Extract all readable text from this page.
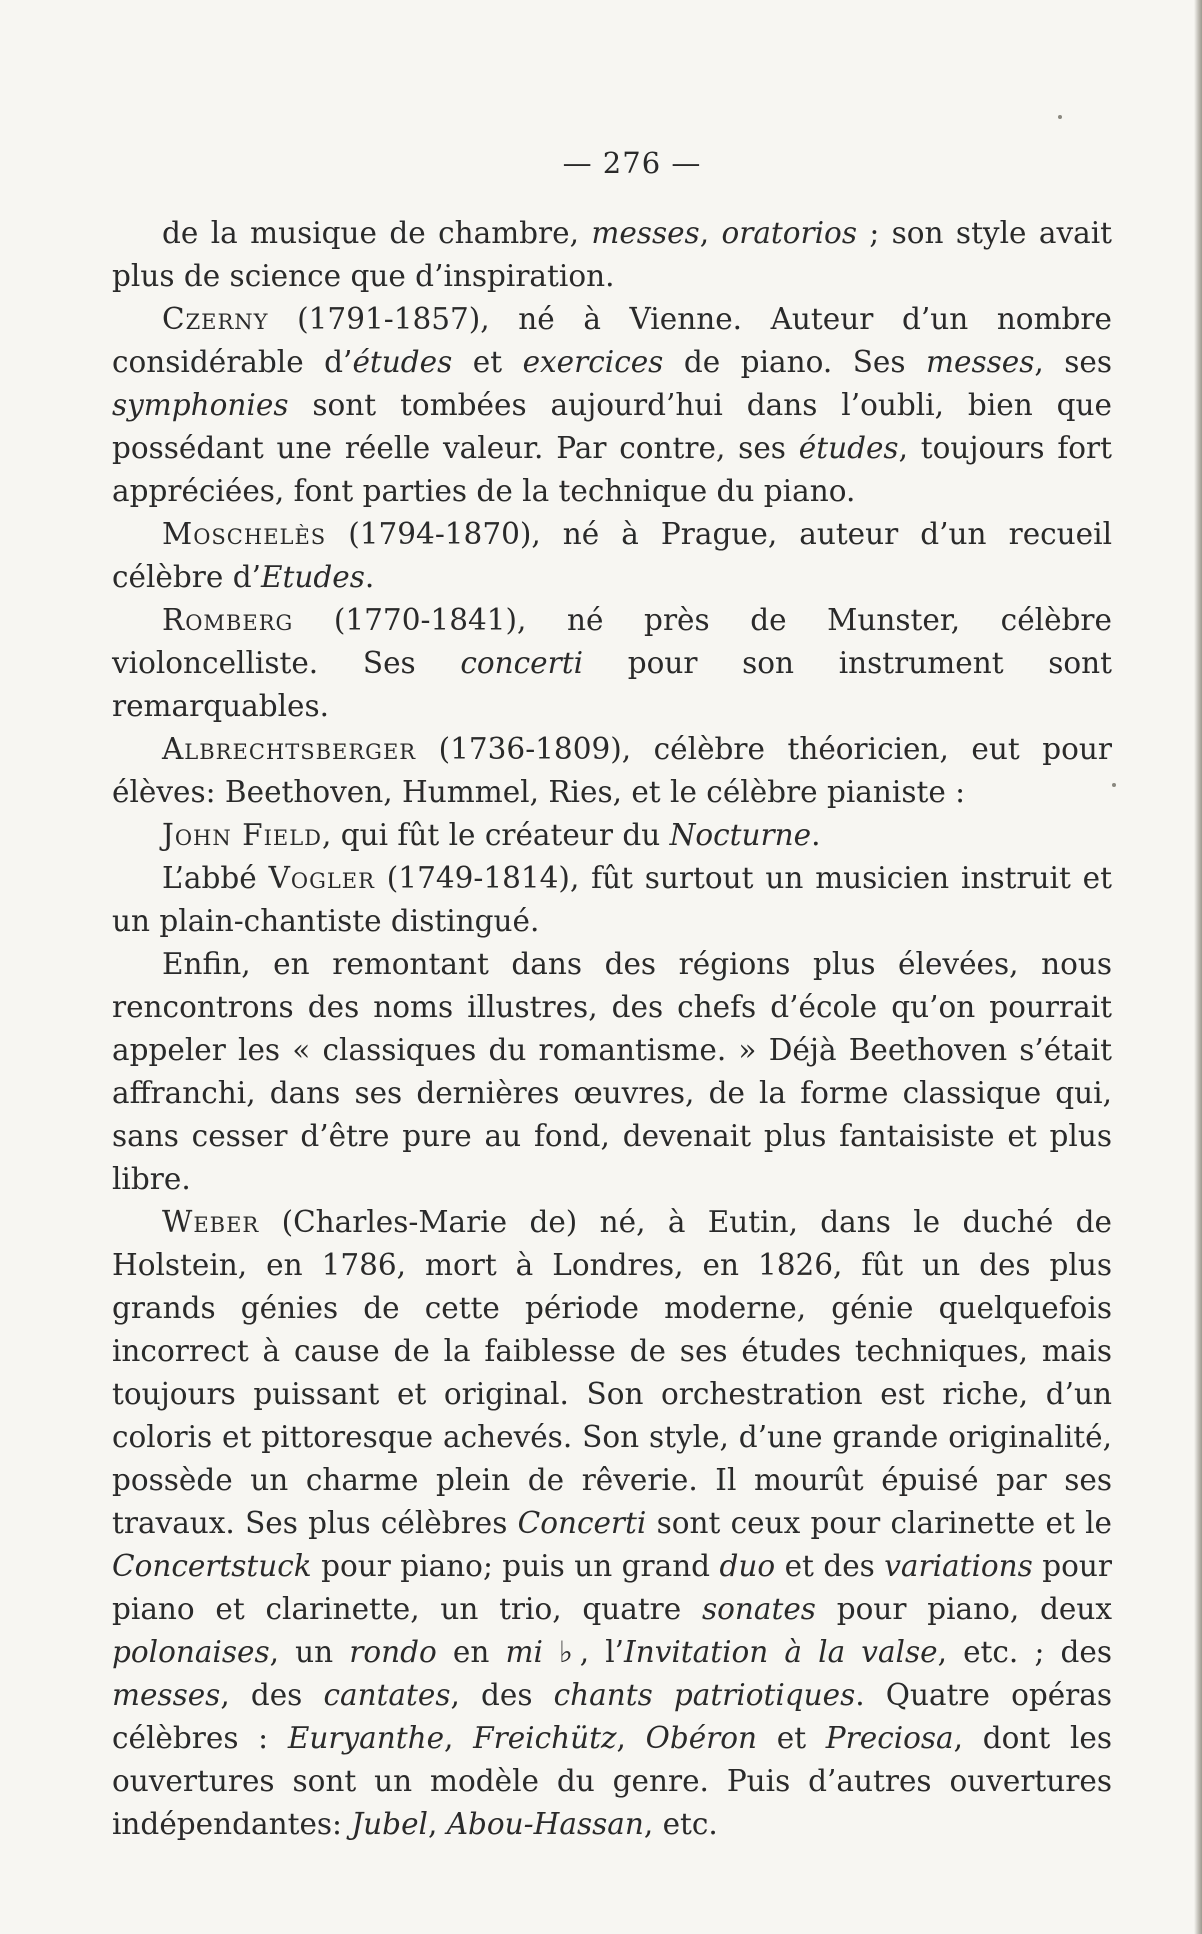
— 276 —

de la musique de chambre, messes, oratorios ; son style avait plus de science que d’inspiration.

Czerny (1791-1857), né à Vienne. Auteur d’un nombre considérable d’études et exercices de piano. Ses messes, ses symphonies sont tombées aujourd’hui dans l’oubli, bien que possédant une réelle valeur. Par contre, ses études, toujours fort appréciées, font parties de la technique du piano.

Moschelès (1794-1870), né à Prague, auteur d’un recueil célèbre d’Etudes.

Romberg (1770-1841), né près de Munster, célèbre violoncelliste. Ses concerti pour son instrument sont remarquables.

Albrechtsberger (1736-1809), célèbre théoricien, eut pour élèves: Beethoven, Hummel, Ries, et le célèbre pianiste :

John Field, qui fût le créateur du Nocturne.

L’abbé Vogler (1749-1814), fût surtout un musicien instruit et un plain-chantiste distingué.

Enfin, en remontant dans des régions plus élevées, nous rencontrons des noms illustres, des chefs d’école qu’on pourrait appeler les « classiques du romantisme. » Déjà Beethoven s’était affranchi, dans ses dernières œuvres, de la forme classique qui, sans cesser d’être pure au fond, devenait plus fantaisiste et plus libre.

Weber (Charles-Marie de) né, à Eutin, dans le duché de Holstein, en 1786, mort à Londres, en 1826, fût un des plus grands génies de cette période moderne, génie quelquefois incorrect à cause de la faiblesse de ses études techniques, mais toujours puissant et original. Son orchestration est riche, d’un coloris et pittoresque achevés. Son style, d’une grande originalité, possède un charme plein de rêverie. Il mourût épuisé par ses travaux. Ses plus célèbres Concerti sont ceux pour clarinette et le Concertstuck pour piano; puis un grand duo et des variations pour piano et clarinette, un trio, quatre sonates pour piano, deux polonaises, un rondo en mi ♭, l’Invitation à la valse, etc. ; des messes, des cantates, des chants patriotiques. Quatre opéras célèbres : Euryanthe, Freichütz, Obéron et Preciosa, dont les ouvertures sont un modèle du genre. Puis d’autres ouvertures indépendantes: Jubel, Abou-Hassan, etc.
